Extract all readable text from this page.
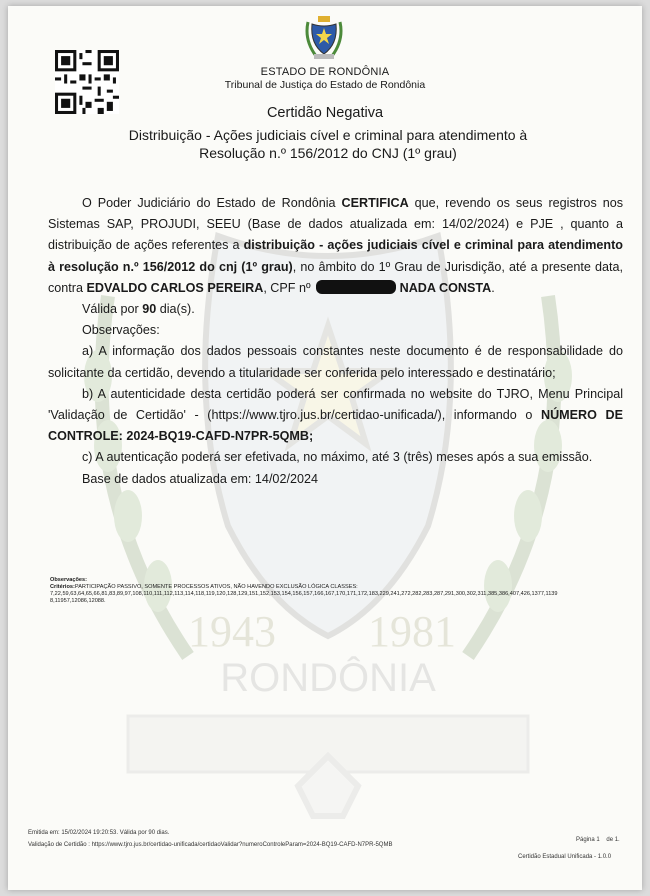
1943 1981
RONDÔNIA
ESTADO DE RONDÔNIA
Tribunal de Justiça do Estado de Rondônia
Certidão Negativa
Distribuição - Ações judiciais cível e criminal para atendimento à Resolução n.º 156/2012 do CNJ (1º grau)

O Poder Judiciário do Estado de Rondônia CERTIFICA que, revendo os seus registros nos Sistemas SAP, PROJUDI, SEEU (Base de dados atualizada em: 14/02/2024) e PJE , quanto a distribuição de ações referentes a distribuição - ações judiciais cível e criminal para atendimento à resolução n.º 156/2012 do cnj (1º grau), no âmbito do 1º Grau de Jurisdição, até a presente data, contra EDVALDO CARLOS PEREIRA, CPF nº	NADA CONSTA.

Válida por 90 dia(s).

Observações:

a) A informação dos dados pessoais constantes neste documento é de responsabilidade do solicitante da certidão, devendo a titularidade ser conferida pelo interessado e destinatário;

b) A autenticidade desta certidão poderá ser confirmada no website do TJRO, Menu Principal 'Validação de Certidão' - (https://www.tjro.jus.br/certidao-unificada/), informando o NÚMERO DE CONTROLE: 2024-BQ19-CAFD-N7PR-5QMB;

c) A autenticação poderá ser efetivada, no máximo, até 3 (três) meses após a sua emissão.

Base de dados atualizada em: 14/02/2024

Observações:
Critérios:PARTICIPAÇÃO PASSIVO, SOMENTE PROCESSOS ATIVOS, NÃO HAVENDO EXCLUSÃO LÓGICA CLASSES:
7,22,59,63,64,65,66,81,83,89,97,108,110,111,112,113,114,118,119,120,128,129,151,152,153,154,156,157,166,167,170,171,172,183,229,241,272,282,283,287,291,300,302,311,385,386,407,426,1377,1139 8,11957,12086,12088.
Emitida em: 15/02/2024 19:20:53. Válida por 90 dias.
Validação de Certidão : https://www.tjro.jus.br/certidao-unificada/certidaoValidar?numeroControleParam=2024-BQ19-CAFD-N7PR-5QMB
Página 1 de 1.
Certidão Estadual Unificada - 1.0.0
